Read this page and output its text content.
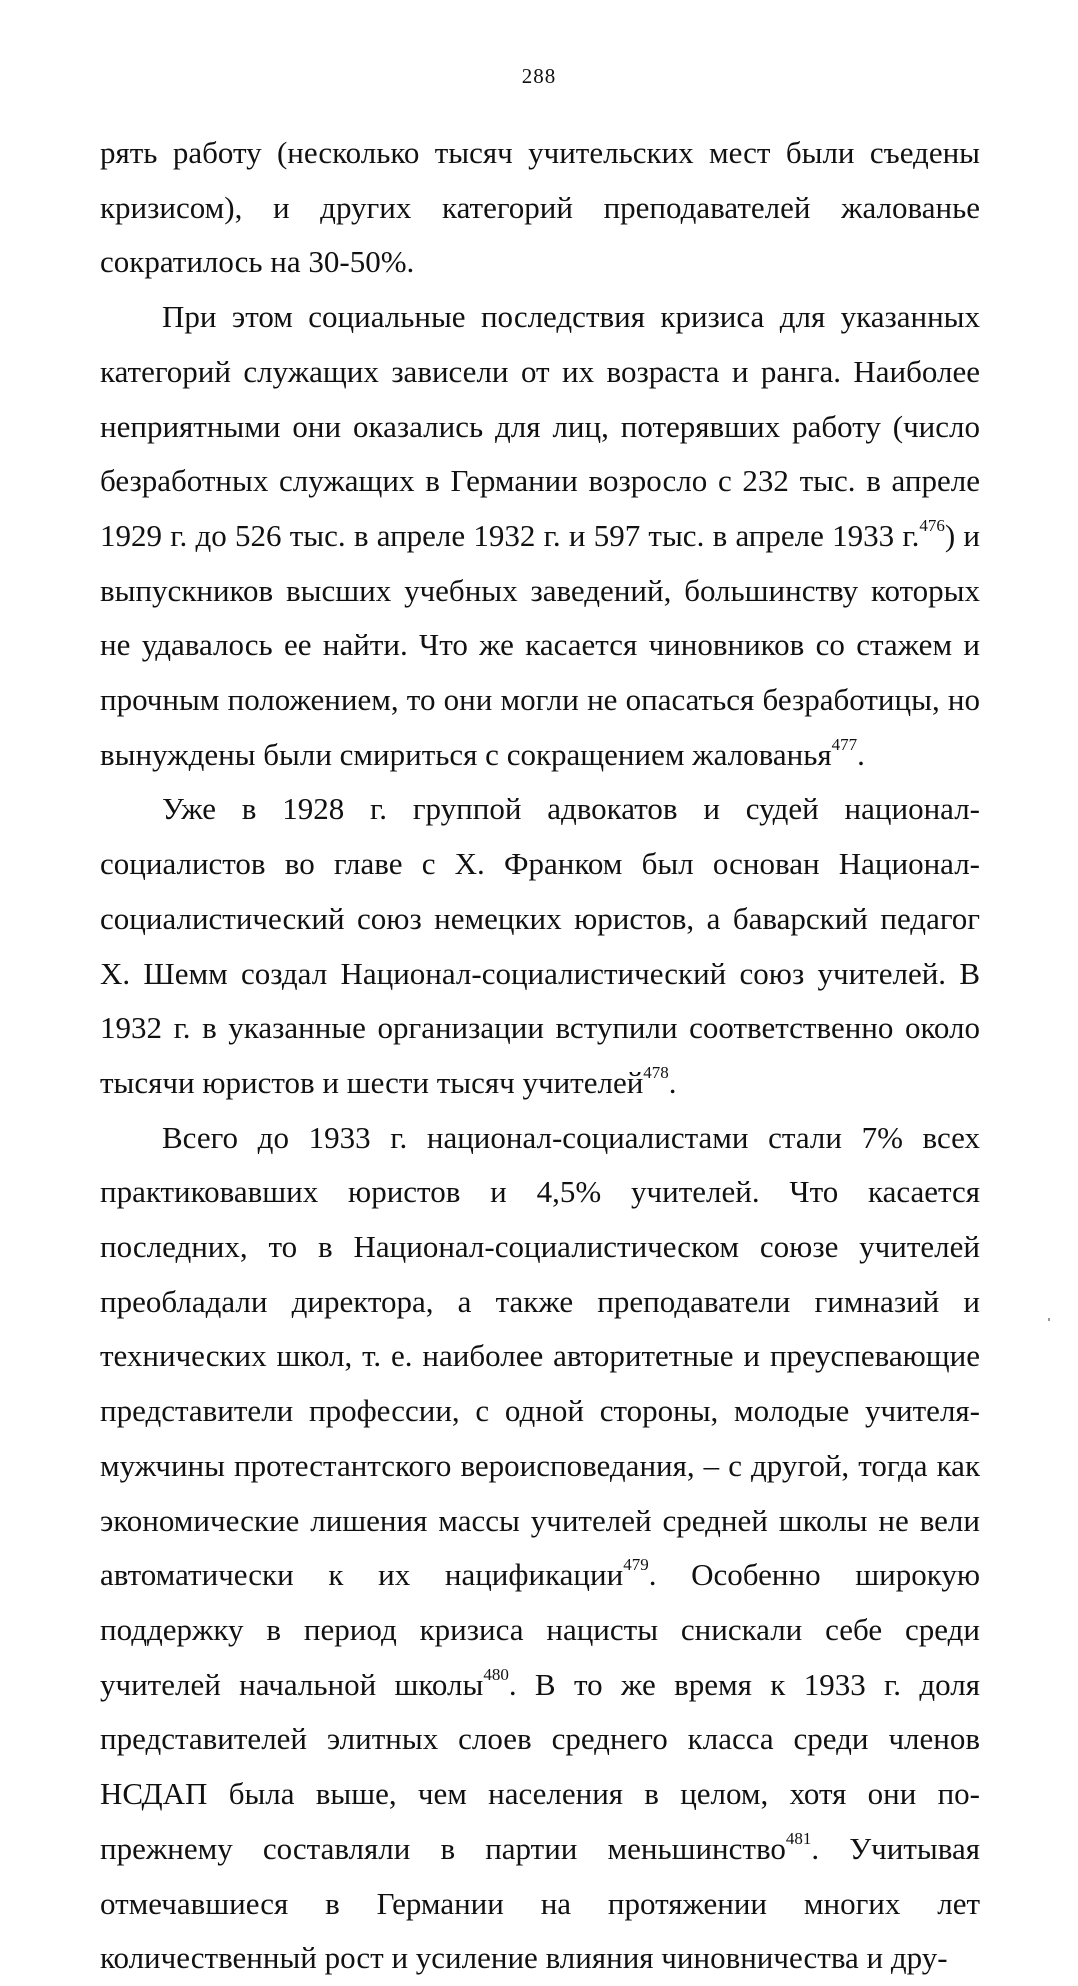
288

рять работу (несколько тысяч учительских мест были съедены кризисом), и других категорий преподавателей жалованье сократилось на 30-50%.

При этом социальные последствия кризиса для указанных категорий служащих зависели от их возраста и ранга. Наиболее неприятными они оказались для лиц, потерявших работу (число безработных служащих в Германии возросло с 232 тыс. в апреле 1929 г. до 526 тыс. в апреле 1932 г. и 597 тыс. в апреле 1933 г.$^{476}$) и выпускников высших учебных заведений, большинству которых не удавалось ее найти. Что же касается чиновников со стажем и прочным положением, то они могли не опасаться безработицы, но вынуждены были смириться с сокращением жалованья$^{477}$.

Уже в 1928 г. группой адвокатов и судей национал-социалистов во главе с Х. Франком был основан Национал-социалистический союз немецких юристов, а баварский педагог Х. Шемм создал Национал-социалистический союз учителей. В 1932 г. в указанные организации вступили соответственно около тысячи юристов и шести тысяч учителей$^{478}$.

Всего до 1933 г. национал-социалистами стали 7% всех практиковавших юристов и 4,5% учителей. Что касается последних, то в Национал-социалистическом союзе учителей преобладали директора, а также преподаватели гимназий и технических школ, т. е. наиболее авторитетные и преуспевающие представители профессии, с одной стороны, молодые учителя-мужчины протестантского вероисповедания, – с другой, тогда как экономические лишения массы учителей средней школы не вели автоматически к их нацификации$^{479}$. Особенно широкую поддержку в период кризиса нацисты снискали себе среди учителей начальной школы$^{480}$. В то же время к 1933 г. доля представителей элитных слоев среднего класса среди членов НСДАП была выше, чем населения в целом, хотя они по-прежнему составляли в партии меньшинство$^{481}$. Учитывая отмечавшиеся в Германии на протяжении многих лет количественный рост и усиление влияния чиновничества и дру-
